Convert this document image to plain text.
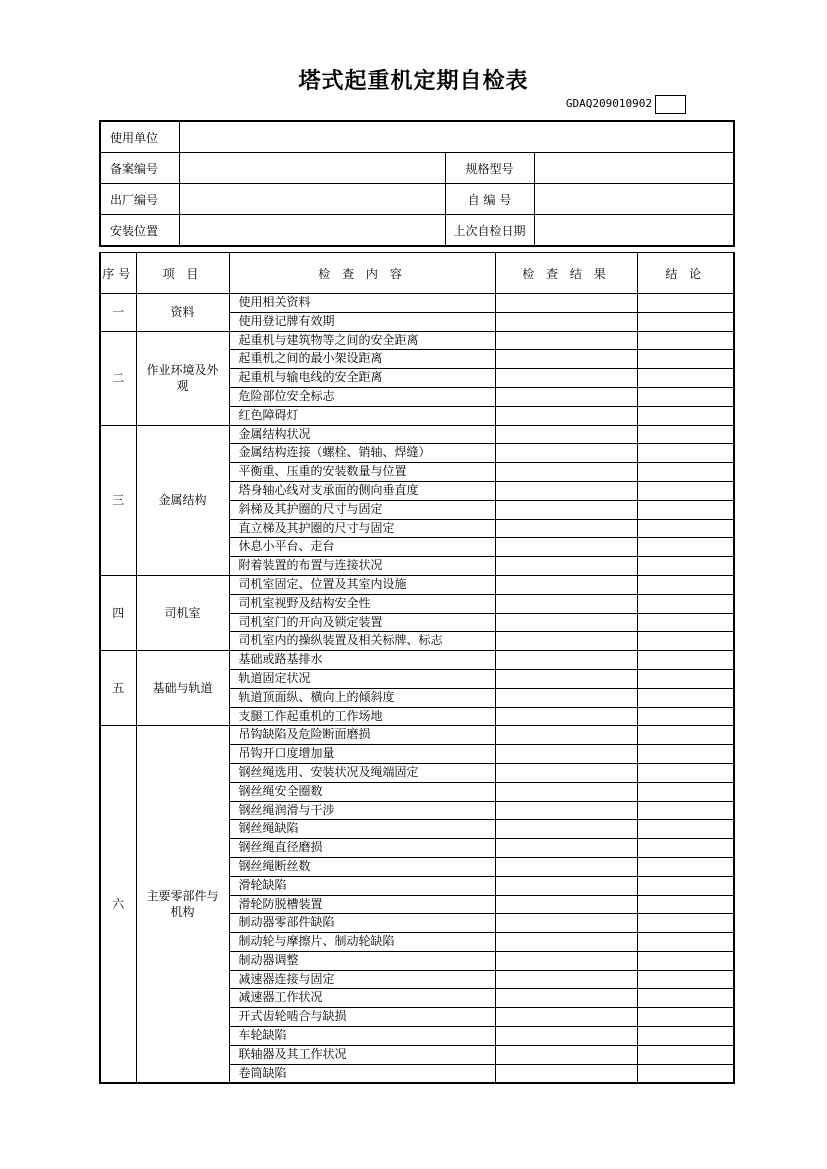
塔式起重机定期自检表
GDAQ209010902
使用单位			
备案编号		规格型号	
出厂编号		自 编 号	
安装位置		上次自检日期	
序号	项 目	检 查 内 容	检 查 结 果	结 论
一	资料	使用相关资料		
		使用登记牌有效期		
二	作业环境及外观	起重机与建筑物等之间的安全距离		
		起重机之间的最小架设距离		
		起重机与输电线的安全距离		
		危险部位安全标志		
		红色障碍灯		
三	金属结构	金属结构状况		
		金属结构连接（螺栓、销轴、焊缝）		
		平衡重、压重的安装数量与位置		
		塔身轴心线对支承面的侧向垂直度		
		斜梯及其护圈的尺寸与固定		
		直立梯及其护圈的尺寸与固定		
		休息小平台、走台		
		附着装置的布置与连接状况		
四	司机室	司机室固定、位置及其室内设施		
		司机室视野及结构安全性		
		司机室门的开向及锁定装置		
		司机室内的操纵装置及相关标牌、标志		
五	基础与轨道	基础或路基排水		
		轨道固定状况		
		轨道顶面纵、横向上的倾斜度		
		支腿工作起重机的工作场地		
六	主要零部件与机构	吊钩缺陷及危险断面磨损		
		吊钩开口度增加量		
		钢丝绳选用、安装状况及绳端固定		
		钢丝绳安全圈数		
		钢丝绳润滑与干涉		
		钢丝绳缺陷		
		钢丝绳直径磨损		
		钢丝绳断丝数		
		滑轮缺陷		
		滑轮防脱槽装置		
		制动器零部件缺陷		
		制动轮与摩擦片、制动轮缺陷		
		制动器调整		
		减速器连接与固定		
		减速器工作状况		
		开式齿轮啮合与缺损		
		车轮缺陷		
		联轴器及其工作状况		
		卷筒缺陷		
